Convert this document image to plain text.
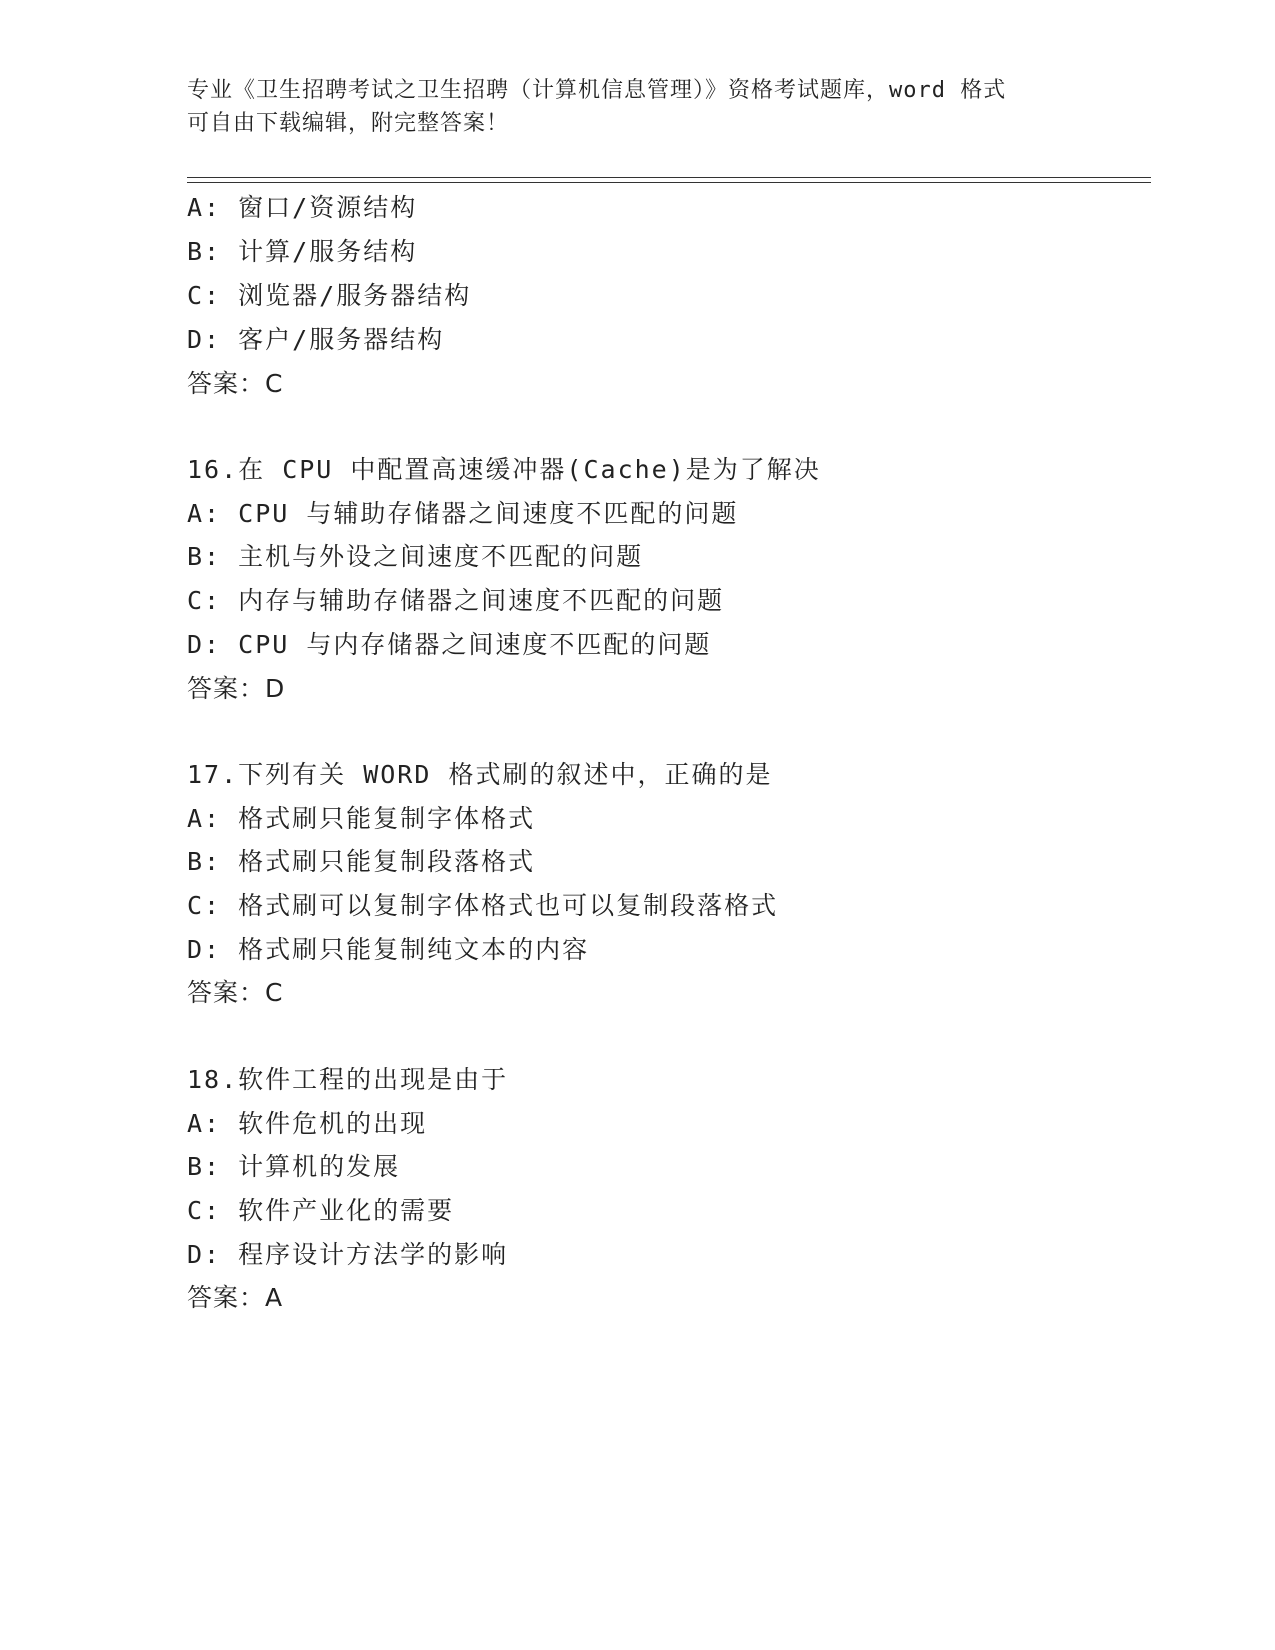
专业《卫生招聘考试之卫生招聘（计算机信息管理）》资格考试题库，word 格式
可自由下载编辑，附完整答案！
A: 窗口/资源结构
B: 计算/服务结构
C: 浏览器/服务器结构
D: 客户/服务器结构
答案：C
16.在 CPU 中配置高速缓冲器(Cache)是为了解决
A: CPU 与辅助存储器之间速度不匹配的问题
B: 主机与外设之间速度不匹配的问题
C: 内存与辅助存储器之间速度不匹配的问题
D: CPU 与内存储器之间速度不匹配的问题
答案：D
17.下列有关 WORD 格式刷的叙述中，正确的是
A: 格式刷只能复制字体格式
B: 格式刷只能复制段落格式
C: 格式刷可以复制字体格式也可以复制段落格式
D: 格式刷只能复制纯文本的内容
答案：C
18.软件工程的出现是由于
A: 软件危机的出现
B: 计算机的发展
C: 软件产业化的需要
D: 程序设计方法学的影响
答案：A
